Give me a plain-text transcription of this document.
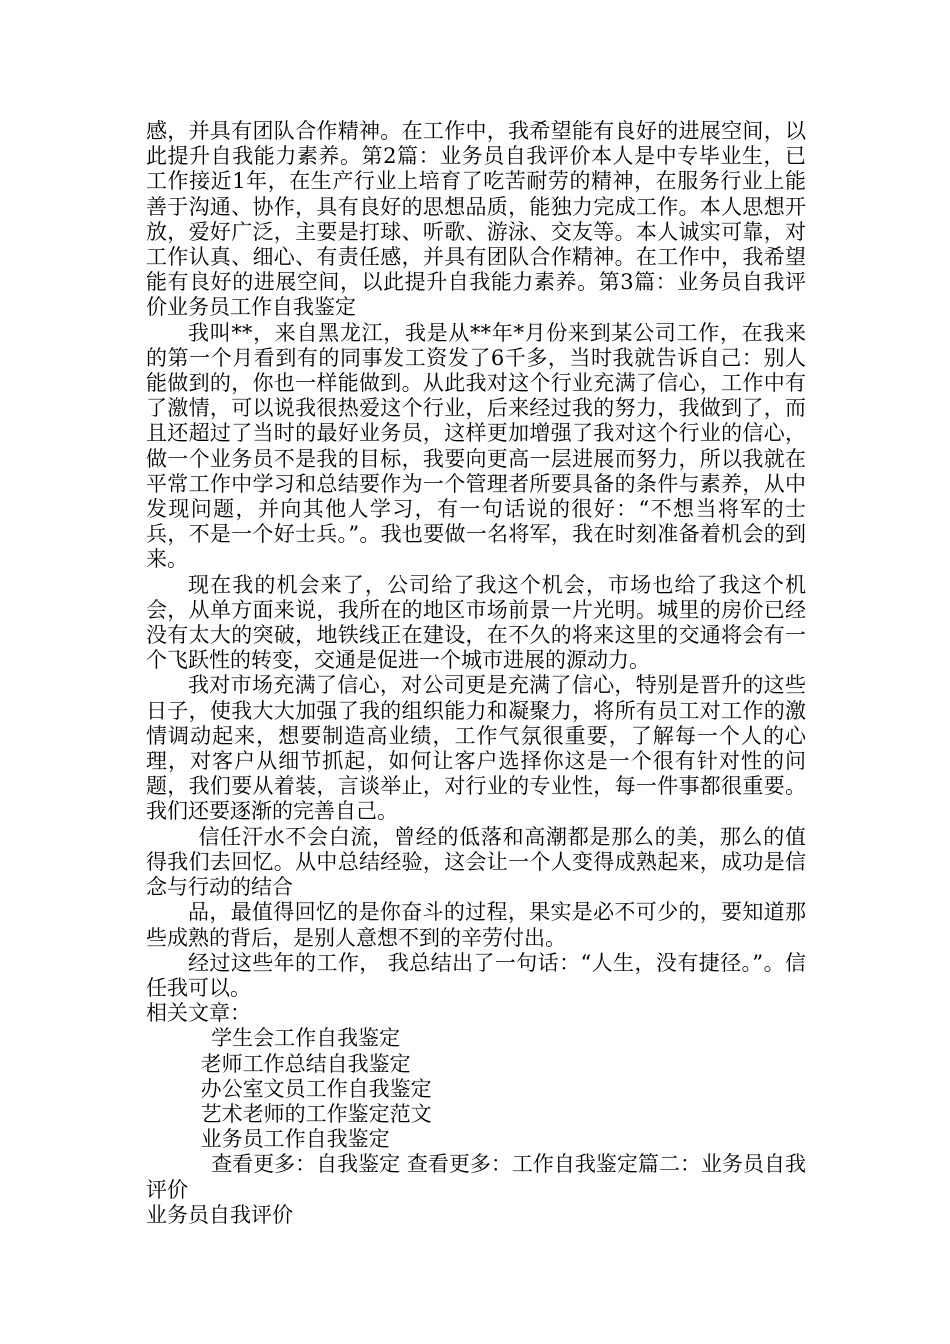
感，并具有团队合作精神。在工作中，我希望能有良好的进展空间，以此提升自我能力素养。第2篇：业务员自我评价本人是中专毕业生，已工作接近1年，在生产行业上培育了吃苦耐劳的精神，在服务行业上能善于沟通、协作，具有良好的思想品质，能独力完成工作。本人思想开放，爱好广泛，主要是打球、听歌、游泳、交友等。本人诚实可靠，对工作认真、细心、有责任感，并具有团队合作精神。在工作中，我希望能有良好的进展空间，以此提升自我能力素养。第3篇：业务员自我评价业务员工作自我鉴定

我叫**，来自黑龙江，我是从**年*月份来到某公司工作，在我来的第一个月看到有的同事发工资发了6千多，当时我就告诉自己：别人能做到的，你也一样能做到。从此我对这个行业充满了信心，工作中有了激情，可以说我很热爱这个行业，后来经过我的努力，我做到了，而且还超过了当时的最好业务员，这样更加增强了我对这个行业的信心，做一个业务员不是我的目标，我要向更高一层进展而努力，所以我就在平常工作中学习和总结要作为一个管理者所要具备的条件与素养，从中发现问题，并向其他人学习，有一句话说的很好：“不想当将军的士兵，不是一个好士兵。”。我也要做一名将军，我在时刻准备着机会的到来。

现在我的机会来了，公司给了我这个机会，市场也给了我这个机会，从单方面来说，我所在的地区市场前景一片光明。城里的房价已经没有太大的突破，地铁线正在建设，在不久的将来这里的交通将会有一个飞跃性的转变，交通是促进一个城市进展的源动力。

我对市场充满了信心，对公司更是充满了信心，特别是晋升的这些日子，使我大大加强了我的组织能力和凝聚力，将所有员工对工作的激情调动起来，想要制造高业绩，工作气氛很重要，了解每一个人的心理，对客户从细节抓起，如何让客户选择你这是一个很有针对性的问题，我们要从着装，言谈举止，对行业的专业性，每一件事都很重要。我们还要逐渐的完善自己。

信任汗水不会白流，曾经的低落和高潮都是那么的美，那么的值得我们去回忆。从中总结经验，这会让一个人变得成熟起来，成功是信念与行动的结合

品，最值得回忆的是你奋斗的过程，果实是必不可少的，要知道那些成熟的背后，是别人意想不到的辛劳付出。

经过这些年的工作， 我总结出了一句话：“人生，没有捷径。”。信任我可以。

相关文章：

学生会工作自我鉴定
老师工作总结自我鉴定
办公室文员工作自我鉴定
艺术老师的工作鉴定范文
业务员工作自我鉴定

查看更多：自我鉴定 查看更多：工作自我鉴定篇二：业务员自我评价

业务员自我评价
